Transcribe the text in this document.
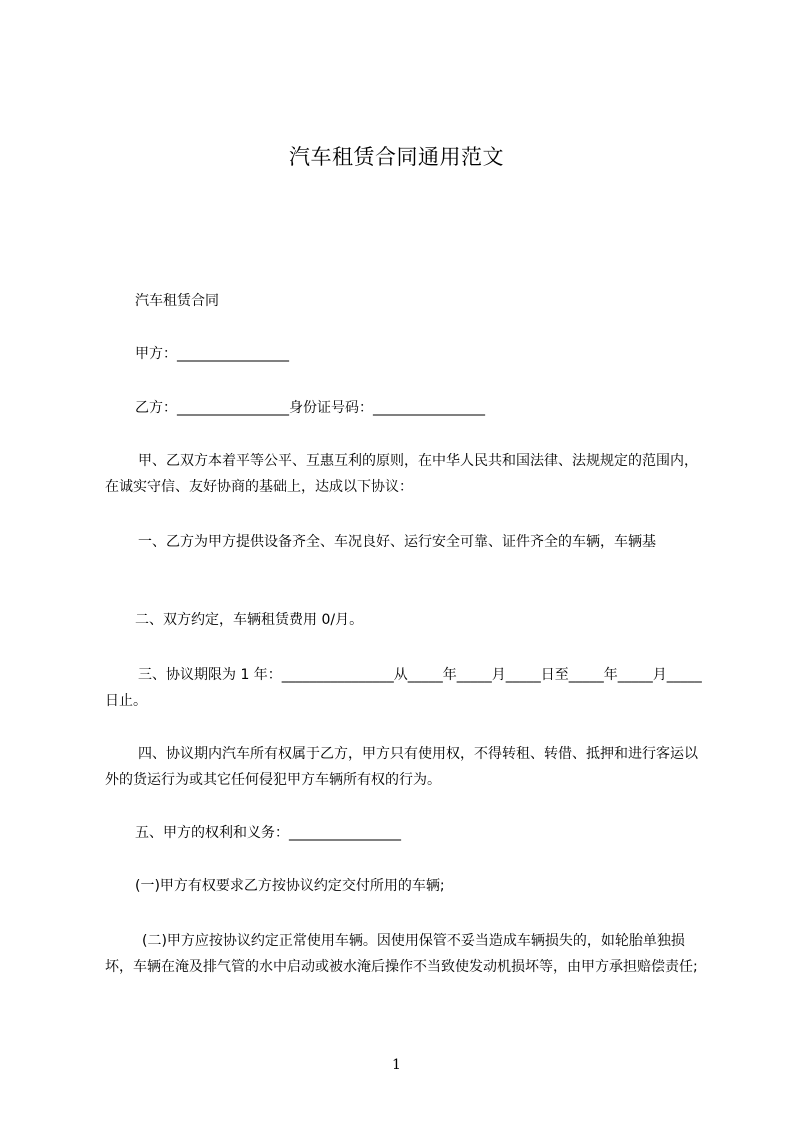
汽车租赁合同通用范文
汽车租赁合同
甲方：________________
乙方：________________身份证号码：________________
甲、乙双方本着平等公平、互惠互利的原则，在中华人民共和国法律、法规规定的范围内，在诚实守信、友好协商的基础上，达成以下协议：
一、乙方为甲方提供设备齐全、车况良好、运行安全可靠、证件齐全的车辆，车辆基
二、双方约定，车辆租赁费用 0/月。
三、协议期限为 1 年：________________从_____年_____月_____日至_____年_____月_____日止。
四、协议期内汽车所有权属于乙方，甲方只有使用权，不得转租、转借、抵押和进行客运以外的货运行为或其它任何侵犯甲方车辆所有权的行为。
五、甲方的权利和义务：________________
(一)甲方有权要求乙方按协议约定交付所用的车辆;
(二)甲方应按协议约定正常使用车辆。因使用保管不妥当造成车辆损失的，如轮胎单独损坏，车辆在淹及排气管的水中启动或被水淹后操作不当致使发动机损坏等，由甲方承担赔偿责任;
1
